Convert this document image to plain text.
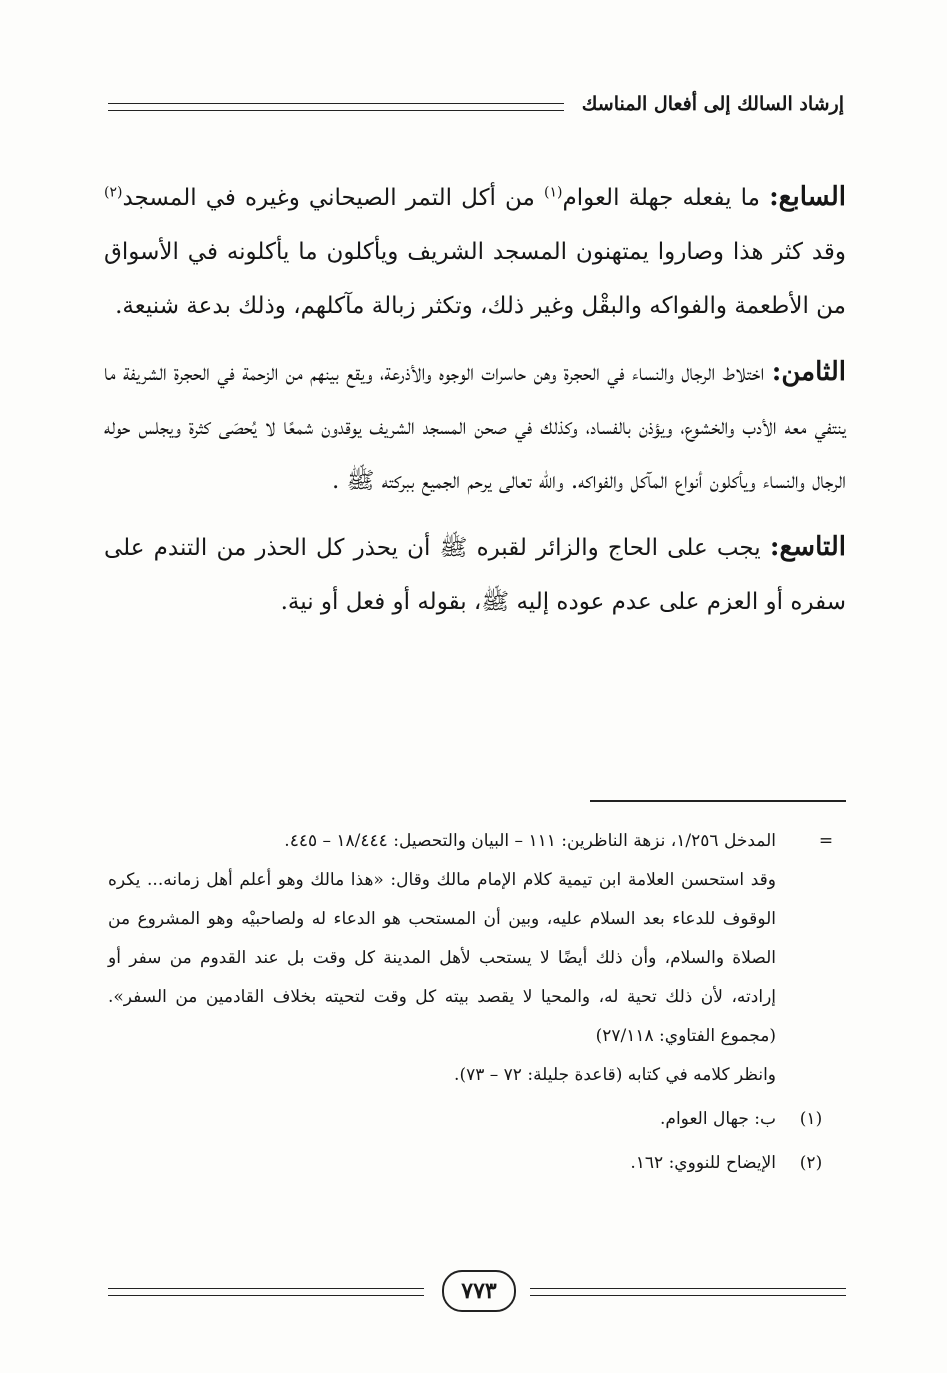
إرشاد السالك إلى أفعال المناسك

السابع: ما يفعله جهلة العوام$^{(١)}$ من أكل التمر الصيحاني وغيره في المسجد$^{(٢)}$ وقد كثر هذا وصاروا يمتهنون المسجد الشريف ويأكلون ما يأكلونه في الأسواق من الأطعمة والفواكه والبقْل وغير ذلك، وتكثر زبالة مآكلهم، وذلك بدعة شنيعة.

الثامن: اختلاط الرجال والنساء في الحجرة وهن حاسرات الوجوه والأذرعة، ويقع بينهم من الزحمة في الحجرة الشريفة ما ينتفي معه الأدب والخشوع، ويؤذن بالفساد، وكذلك في صحن المسجد الشريف يوقدون شمعًا لا يُحصَى كثرة ويجلس حوله الرجال والنساء ويأكلون أنواع المآكل والفواكه. والله تعالى يرحم الجميع ببركته ﷺ .

التاسع: يجب على الحاج والزائر لقبره ﷺ أن يحذر كل الحذر من التندم على سفره أو العزم على عدم عوده إليه ﷺ، بقوله أو فعل أو نية.

=

المدخل ١/٢٥٦، نزهة الناظرين: ١١١ – البيان والتحصيل: ١٨/٤٤٤ – ٤٤٥.

وقد استحسن العلامة ابن تيمية كلام الإمام مالك وقال: «هذا مالك وهو أعلم أهل زمانه... يكره الوقوف للدعاء بعد السلام عليه، وبين أن المستحب هو الدعاء له ولصاحبيْه وهو المشروع من الصلاة والسلام، وأن ذلك أيضًا لا يستحب لأهل المدينة كل وقت بل عند القدوم من سفر أو إرادته، لأن ذلك تحية له، والمحيا لا يقصد بيته كل وقت لتحيته بخلاف القادمين من السفر». (مجموع الفتاوي: ٢٧/١١٨)

وانظر كلامه في كتابه (قاعدة جليلة: ٧٢ – ٧٣).

(١)
ب: جهال العوام.
(٢)
الإيضاح للنووي: ١٦٢.
٧٧٣
